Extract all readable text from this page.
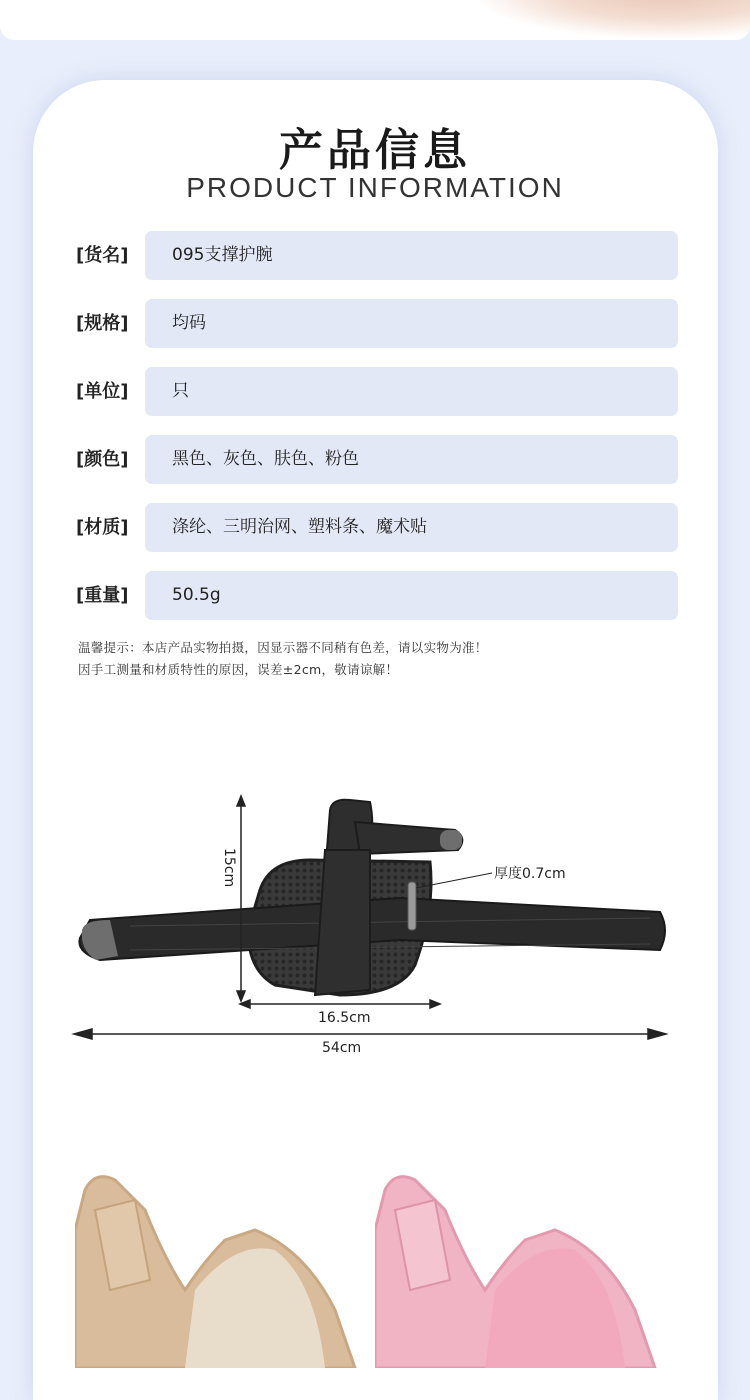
产品信息
PRODUCT INFORMATION
[货名]	095支撑护腕
[规格]	均码
[单位]	只
[颜色]	黑色、灰色、肤色、粉色
[材质]	涤纶、三明治网、塑料条、魔术贴
[重量]	50.5g
温馨提示：本店产品实物拍摄，因显示器不同稍有色差，请以实物为准！
因手工测量和材质特性的原因，误差±2cm，敬请谅解！
15cm	厚度0.7cm
16.5cm
54cm
